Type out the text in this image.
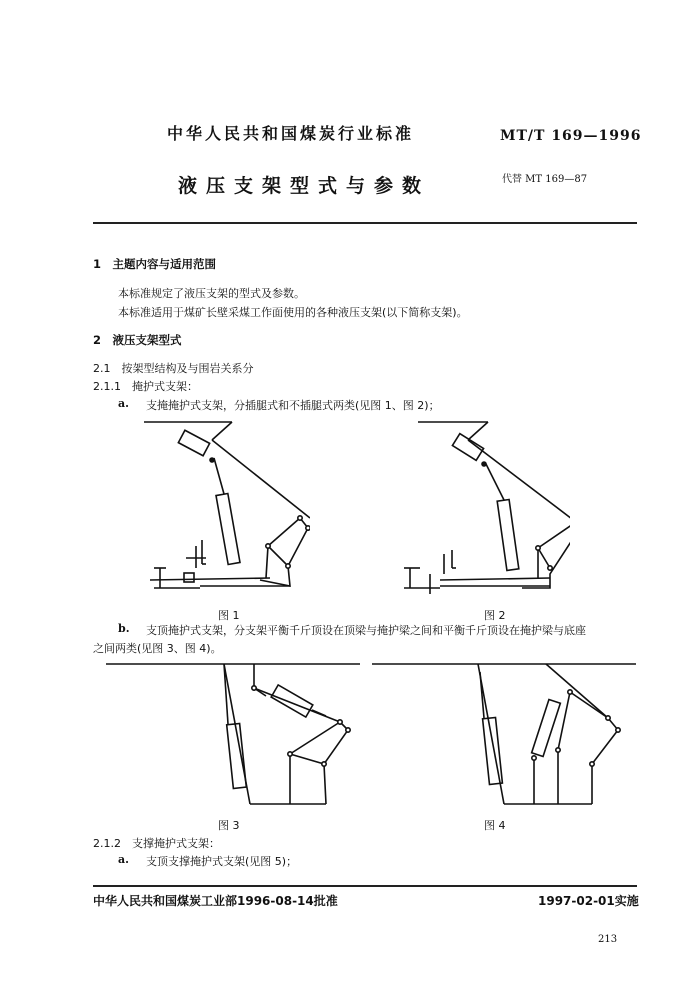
中华人民共和国煤炭行业标准	MT/T 169—1996
液压支架型式与参数	代替 MT 169—87
1　主题内容与适用范围
本标准规定了液压支架的型式及参数。
本标准适用于煤矿长壁采煤工作面使用的各种液压支架(以下简称支架)。
2　液压支架型式
2.1　按架型结构及与围岩关系分
2.1.1　掩护式支架：
a. 支掩掩护式支架，分插腿式和不插腿式两类(见图 1、图 2)；
图 1	图 2
b. 支顶掩护式支架，分支架平衡千斤顶设在顶梁与掩护梁之间和平衡千斤顶设在掩护梁与底座
之间两类(见图 3、图 4)。
图 3	图 4
2.1.2　支撑掩护式支架：
a. 支顶支撑掩护式支架(见图 5)；
中华人民共和国煤炭工业部1996-08-14批准	1997-02-01实施
213
